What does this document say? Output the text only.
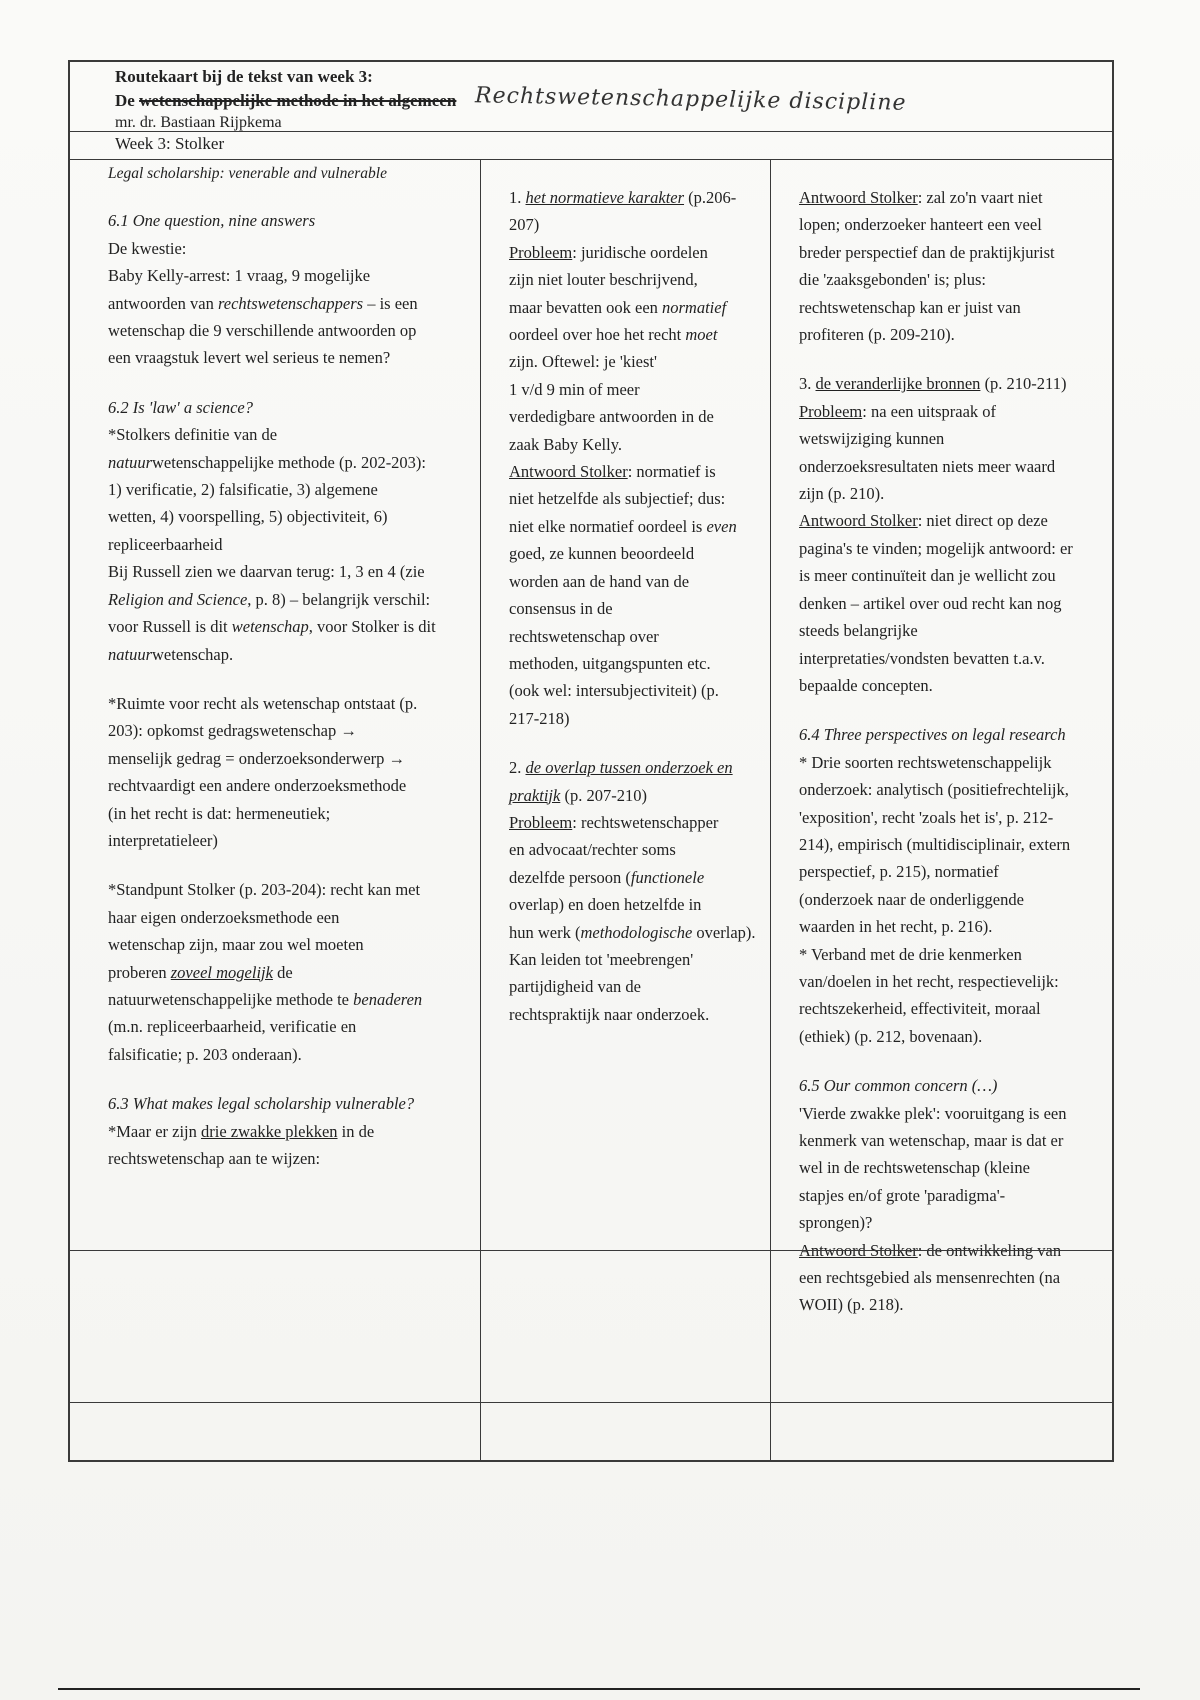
Routekaart bij de tekst van week 3:
De wetenschappelijke methode in het algemeen Rechtswetenschappelijke discipline
mr. dr. Bastiaan Rijpkema
Week 3: Stolker

Legal scholarship: venerable and vulnerable

6.1 One question, nine answers

De kwestie:

Baby Kelly-arrest: 1 vraag, 9 mogelijke

antwoorden van rechtswetenschappers – is een

wetenschap die 9 verschillende antwoorden op

een vraagstuk levert wel serieus te nemen?

6.2 Is 'law' a science?

*Stolkers definitie van de

natuurwetenschappelijke methode (p. 202-203):

1) verificatie, 2) falsificatie, 3) algemene

wetten, 4) voorspelling, 5) objectiviteit, 6)

repliceerbaarheid

Bij Russell zien we daarvan terug: 1, 3 en 4 (zie

Religion and Science, p. 8) – belangrijk verschil:

voor Russell is dit wetenschap, voor Stolker is dit

natuurwetenschap.

*Ruimte voor recht als wetenschap ontstaat (p.

203): opkomst gedragswetenschap →

menselijk gedrag = onderzoeksonderwerp →

rechtvaardigt een andere onderzoeksmethode

(in het recht is dat: hermeneutiek;

interpretatieleer)

*Standpunt Stolker (p. 203-204): recht kan met

haar eigen onderzoeksmethode een

wetenschap zijn, maar zou wel moeten

proberen zoveel mogelijk de

natuurwetenschappelijke methode te benaderen

(m.n. repliceerbaarheid, verificatie en

falsificatie; p. 203 onderaan).

6.3 What makes legal scholarship vulnerable?

*Maar er zijn drie zwakke plekken in de

rechtswetenschap aan te wijzen:

1. het normatieve karakter (p.206-

207)

Probleem: juridische oordelen

zijn niet louter beschrijvend,

maar bevatten ook een normatief

oordeel over hoe het recht moet

zijn. Oftewel: je 'kiest'

1 v/d 9 min of meer

verdedigbare antwoorden in de

zaak Baby Kelly.

Antwoord Stolker: normatief is

niet hetzelfde als subjectief; dus:

niet elke normatief oordeel is even

goed, ze kunnen beoordeeld

worden aan de hand van de

consensus in de

rechtswetenschap over

methoden, uitgangspunten etc.

(ook wel: intersubjectiviteit) (p.

217-218)

2. de overlap tussen onderzoek en

praktijk (p. 207-210)

Probleem: rechtswetenschapper

en advocaat/rechter soms

dezelfde persoon (functionele

overlap) en doen hetzelfde in

hun werk (methodologische overlap).

Kan leiden tot 'meebrengen'

partijdigheid van de

rechtspraktijk naar onderzoek.

Antwoord Stolker: zal zo'n vaart niet

lopen; onderzoeker hanteert een veel

breder perspectief dan de praktijkjurist

die 'zaaksgebonden' is; plus:

rechtswetenschap kan er juist van

profiteren (p. 209-210).

3. de veranderlijke bronnen (p. 210-211)

Probleem: na een uitspraak of

wetswijziging kunnen

onderzoeksresultaten niets meer waard

zijn (p. 210).

Antwoord Stolker: niet direct op deze

pagina's te vinden; mogelijk antwoord: er

is meer continuïteit dan je wellicht zou

denken – artikel over oud recht kan nog

steeds belangrijke

interpretaties/vondsten bevatten t.a.v.

bepaalde concepten.

6.4 Three perspectives on legal research

* Drie soorten rechtswetenschappelijk

onderzoek: analytisch (positiefrechtelijk,

'exposition', recht 'zoals het is', p. 212-

214), empirisch (multidisciplinair, extern

perspectief, p. 215), normatief

(onderzoek naar de onderliggende

waarden in het recht, p. 216).

* Verband met de drie kenmerken

van/doelen in het recht, respectievelijk:

rechtszekerheid, effectiviteit, moraal

(ethiek) (p. 212, bovenaan).

6.5 Our common concern (…)

'Vierde zwakke plek': vooruitgang is een

kenmerk van wetenschap, maar is dat er

wel in de rechtswetenschap (kleine

stapjes en/of grote 'paradigma'-

sprongen)?

Antwoord Stolker: de ontwikkeling van

een rechtsgebied als mensenrechten (na

WOII) (p. 218).
